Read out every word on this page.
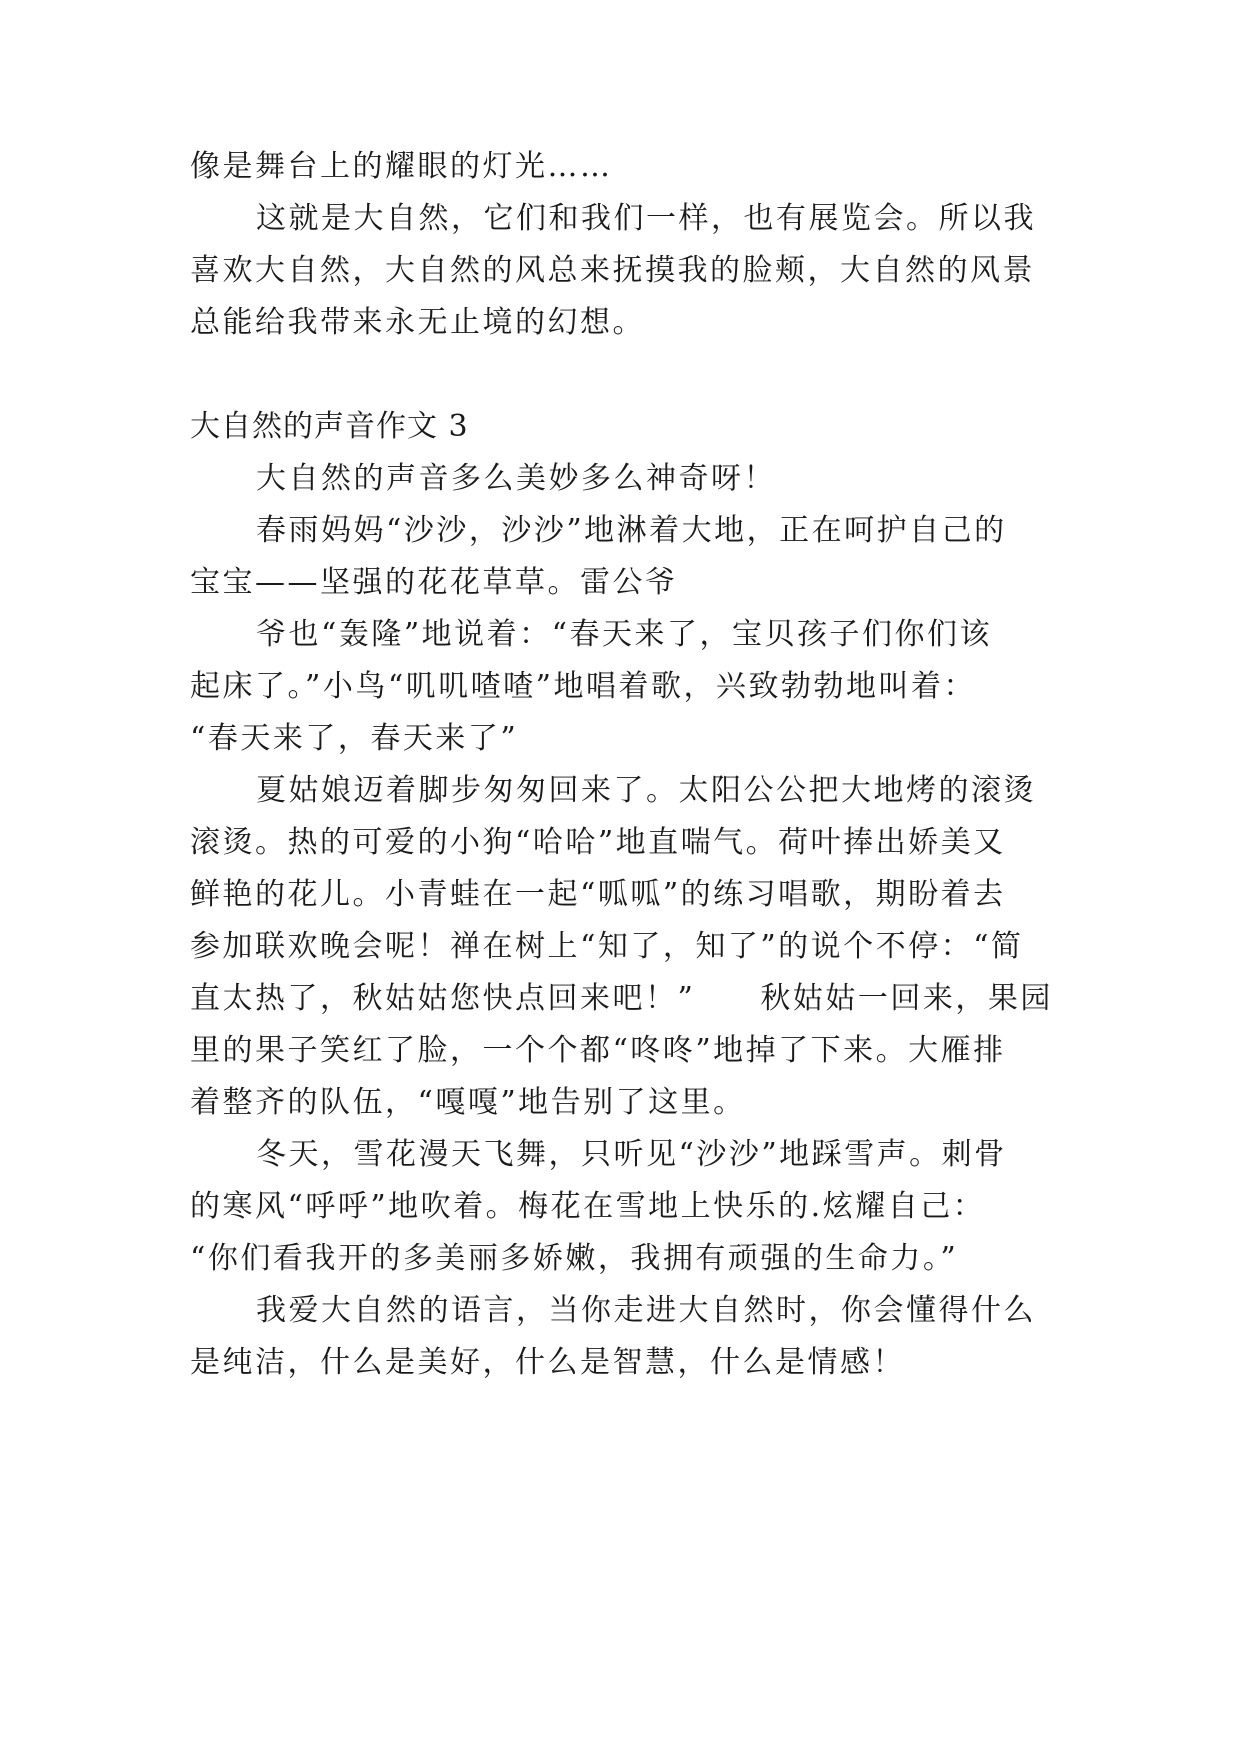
像是舞台上的耀眼的灯光……
这就是大自然，它们和我们一样，也有展览会。所以我
喜欢大自然，大自然的风总来抚摸我的脸颊，大自然的风景
总能给我带来永无止境的幻想。
大自然的声音作文 3
大自然的声音多么美妙多么神奇呀！
春雨妈妈“沙沙，沙沙”地淋着大地，正在呵护自己的
宝宝——坚强的花花草草。雷公爷
爷也“轰隆”地说着：“春天来了，宝贝孩子们你们该
起床了。”小鸟“叽叽喳喳”地唱着歌，兴致勃勃地叫着：
“春天来了，春天来了”
夏姑娘迈着脚步匆匆回来了。太阳公公把大地烤的滚烫
滚烫。热的可爱的小狗“哈哈”地直喘气。荷叶捧出娇美又
鲜艳的花儿。小青蛙在一起“呱呱”的练习唱歌，期盼着去
参加联欢晚会呢！禅在树上“知了，知了”的说个不停：“简
直太热了，秋姑姑您快点回来吧！”　　秋姑姑一回来，果园
里的果子笑红了脸，一个个都“咚咚”地掉了下来。大雁排
着整齐的队伍，“嘎嘎”地告别了这里。
冬天，雪花漫天飞舞，只听见“沙沙”地踩雪声。刺骨
的寒风“呼呼”地吹着。梅花在雪地上快乐的.炫耀自己：
“你们看我开的多美丽多娇嫩，我拥有顽强的生命力。”
我爱大自然的语言，当你走进大自然时，你会懂得什么
是纯洁，什么是美好，什么是智慧，什么是情感！
